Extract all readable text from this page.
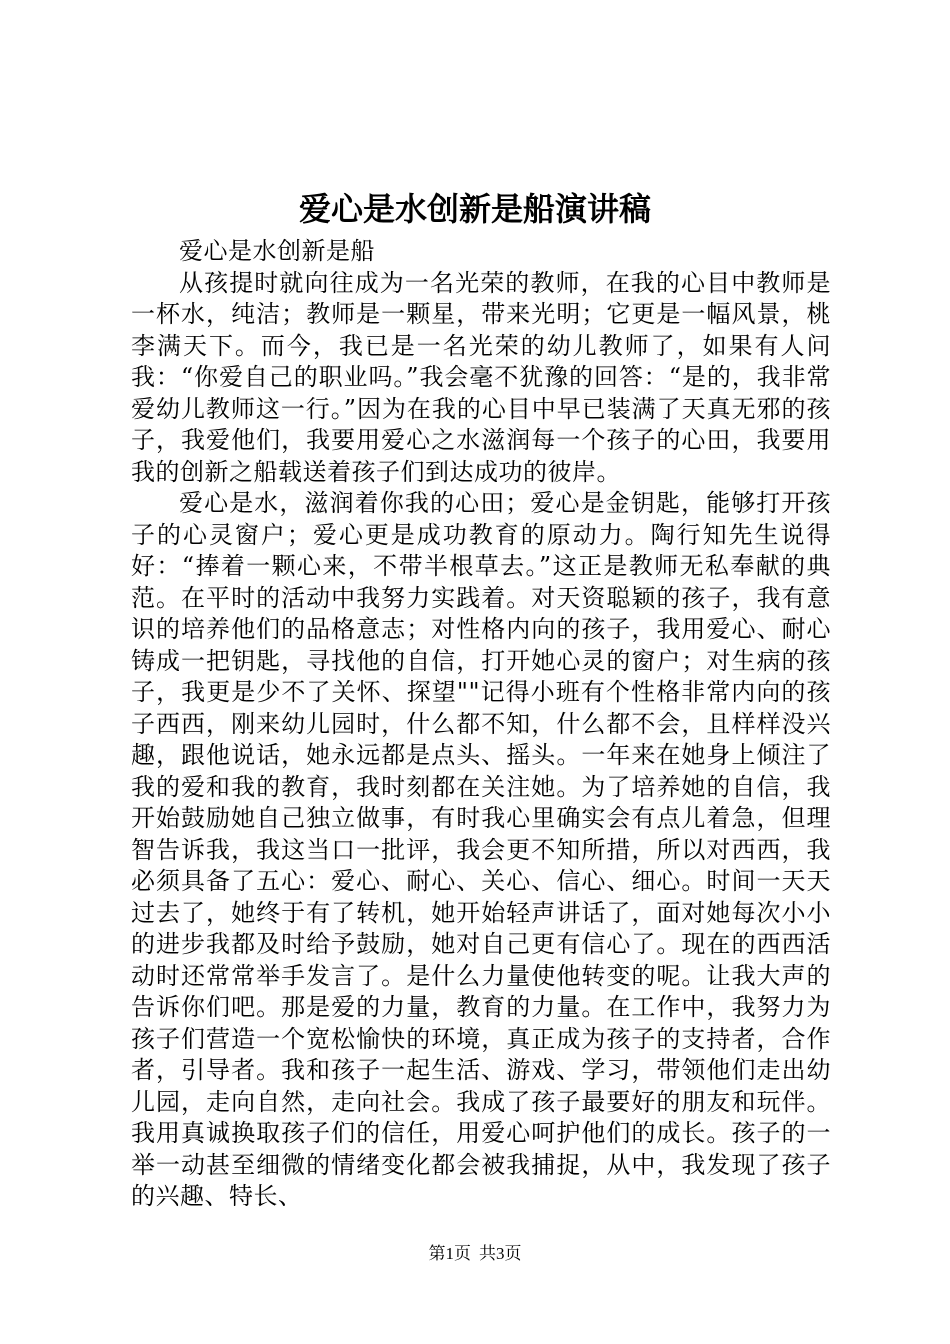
爱心是水创新是船演讲稿

爱心是水创新是船

从孩提时就向往成为一名光荣的教师，在我的心目中教师是一杯水，纯洁；教师是一颗星，带来光明；它更是一幅风景，桃李满天下。而今，我已是一名光荣的幼儿教师了，如果有人问我：“你爱自己的职业吗。”我会毫不犹豫的回答：“是的，我非常爱幼儿教师这一行。”因为在我的心目中早已装满了天真无邪的孩子，我爱他们，我要用爱心之水滋润每一个孩子的心田，我要用我的创新之船载送着孩子们到达成功的彼岸。

爱心是水，滋润着你我的心田；爱心是金钥匙，能够打开孩子的心灵窗户；爱心更是成功教育的原动力。陶行知先生说得好：“捧着一颗心来，不带半根草去。”这正是教师无私奉献的典范。在平时的活动中我努力实践着。对天资聪颖的孩子，我有意识的培养他们的品格意志；对性格内向的孩子，我用爱心、耐心铸成一把钥匙，寻找他的自信，打开她心灵的窗户；对生病的孩子，我更是少不了关怀、探望""记得小班有个性格非常内向的孩子西西，刚来幼儿园时，什么都不知，什么都不会，且样样没兴趣，跟他说话，她永远都是点头、摇头。一年来在她身上倾注了我的爱和我的教育，我时刻都在关注她。为了培养她的自信，我开始鼓励她自己独立做事，有时我心里确实会有点儿着急，但理智告诉我，我这当口一批评，我会更不知所措，所以对西西，我必须具备了五心：爱心、耐心、关心、信心、细心。时间一天天过去了，她终于有了转机，她开始轻声讲话了，面对她每次小小的进步我都及时给予鼓励，她对自己更有信心了。现在的西西活动时还常常举手发言了。是什么力量使他转变的呢。让我大声的告诉你们吧。那是爱的力量，教育的力量。在工作中，我努力为孩子们营造一个宽松愉快的环境，真正成为孩子的支持者，合作者，引导者。我和孩子一起生活、游戏、学习，带领他们走出幼儿园，走向自然，走向社会。我成了孩子最要好的朋友和玩伴。我用真诚换取孩子们的信任，用爱心呵护他们的成长。孩子的一举一动甚至细微的情绪变化都会被我捕捉，从中，我发现了孩子的兴趣、特长、

第1页 共3页
